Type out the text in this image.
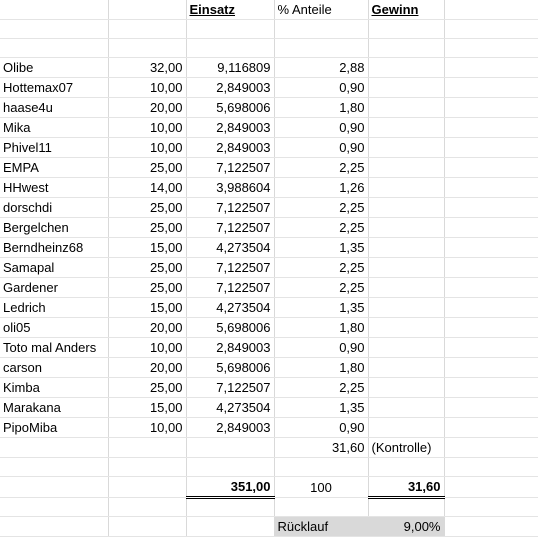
		Einsatz	% Anteile	Gewinn	

Olibe	32,00	9,116809	2,88		
Hottemax07	10,00	2,849003	0,90		
haase4u	20,00	5,698006	1,80		
Mika	10,00	2,849003	0,90		
Phivel11	10,00	2,849003	0,90		
EMPA	25,00	7,122507	2,25		
HHwest	14,00	3,988604	1,26		
dorschdi	25,00	7,122507	2,25		
Bergelchen	25,00	7,122507	2,25		
Berndheinz68	15,00	4,273504	1,35		
Samapal	25,00	7,122507	2,25		
Gardener	25,00	7,122507	2,25		
Ledrich	15,00	4,273504	1,35		
oli05	20,00	5,698006	1,80		
Toto mal Anders	10,00	2,849003	0,90		
carson	20,00	5,698006	1,80		
Kimba	25,00	7,122507	2,25		
Marakana	15,00	4,273504	1,35		
PipoMiba	10,00	2,849003	0,90		
			31,60	(Kontrolle)	

		351,00	100	31,60	

			Rücklauf	9,00%	
